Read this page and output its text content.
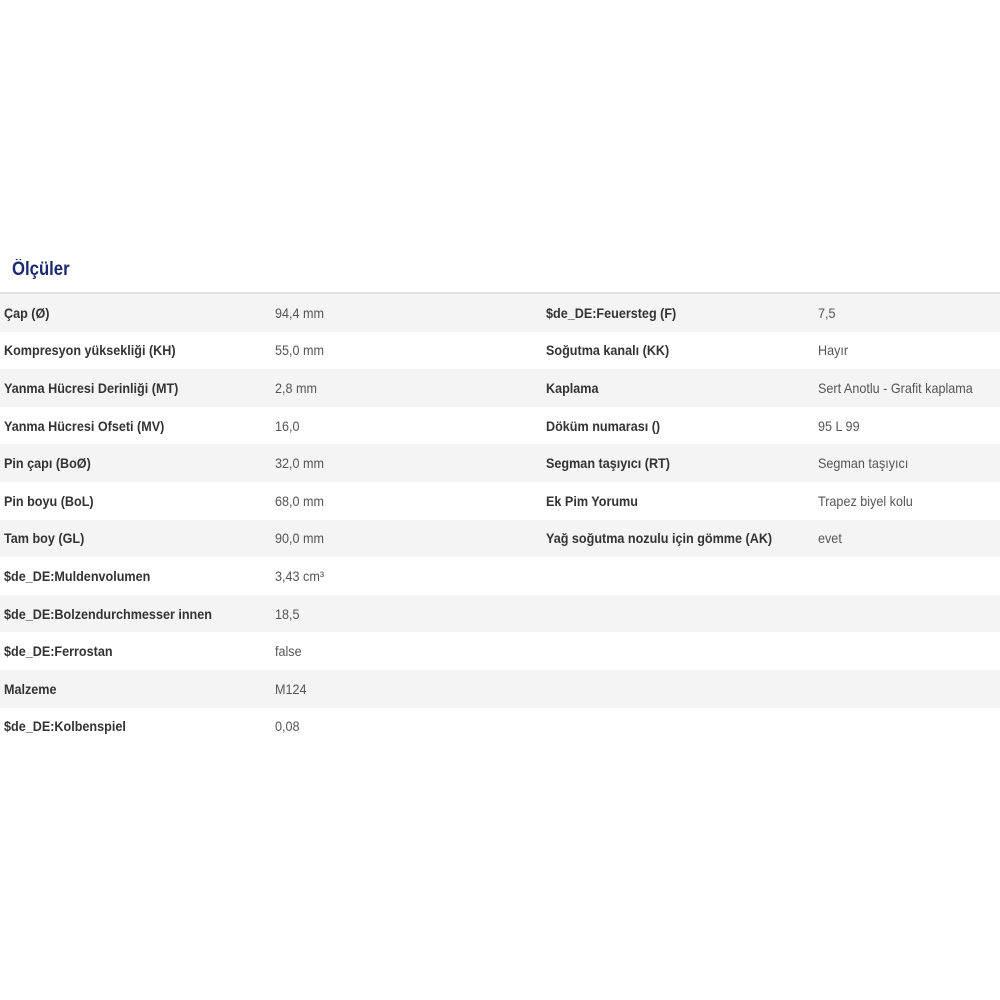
Ölçüler
Çap (Ø)	94,4 mm	$de_DE:Feuersteg (F)	7,5
Kompresyon yüksekliği (KH)	55,0 mm	Soğutma kanalı (KK)	Hayır
Yanma Hücresi Derinliği (MT)	2,8 mm	Kaplama	Sert Anotlu - Grafit kaplama
Yanma Hücresi Ofseti (MV)	16,0	Döküm numarası ()	95 L 99
Pin çapı (BoØ)	32,0 mm	Segman taşıyıcı (RT)	Segman taşıyıcı
Pin boyu (BoL)	68,0 mm	Ek Pim Yorumu	Trapez biyel kolu
Tam boy (GL)	90,0 mm	Yağ soğutma nozulu için gömme (AK)	evet
$de_DE:Muldenvolumen	3,43 cm³
$de_DE:Bolzendurchmesser innen	18,5
$de_DE:Ferrostan	false
Malzeme	M124
$de_DE:Kolbenspiel	0,08
